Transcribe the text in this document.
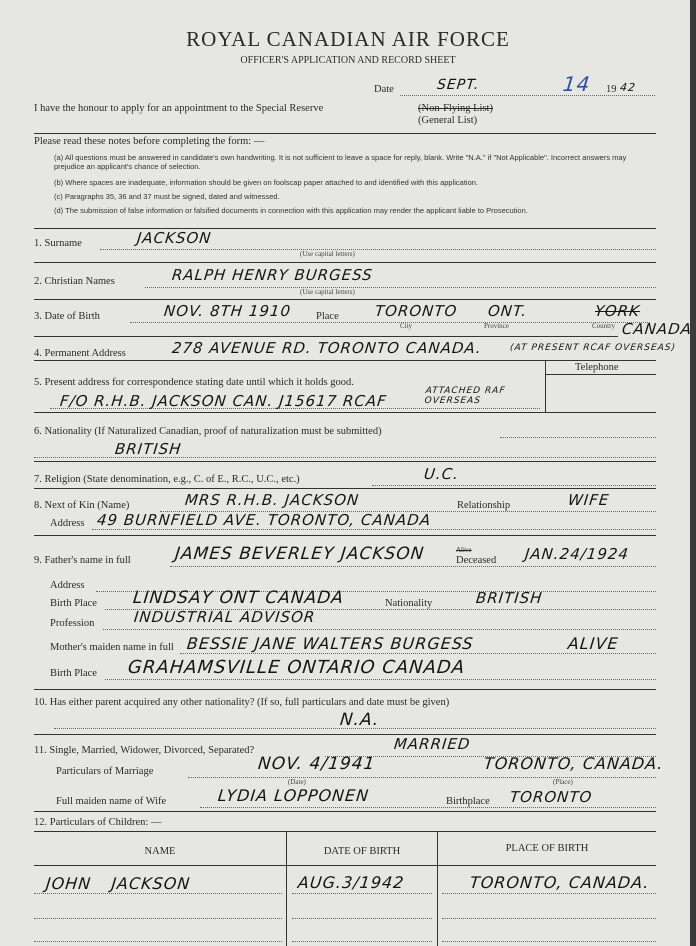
ROYAL CANADIAN AIR FORCE
OFFICER'S APPLICATION AND RECORD SHEET
Date	SEPT.	14 19 42
I have the honour to apply for an appointment to the Special Reserve	(Non-Flying List)
(General List)
Please read these notes before completing the form: —
(a) All questions must be answered in candidate's own handwriting. It is not sufficient to leave a space for reply, blank. Write "N.A." if "Not Applicable". Incorrect answers may prejudice an applicant's chance of selection.
(b) Where spaces are inadequate, information should be given on foolscap paper attached to and identified with this application.
(c) Paragraphs 35, 36 and 37 must be signed, dated and witnessed.
(d) The submission of false information or falsified documents in connection with this application may render the applicant liable to Prosecution.
1. Surname	JACKSON
(Use capital letters)
2. Christian Names	RALPH HENRY BURGESS
(Use capital letters)
3. Date of Birth	NOV. 8TH 1910 Place TORONTO ONT.	YORK
CANADA
City	Province	Country
4. Permanent Address	278 AVENUE RD. TORONTO CANADA.	(AT PRESENT RCAF OVERSEAS)
Telephone
5. Present address for correspondence stating date until which it holds good.
F/O R.H.B. JACKSON CAN. J15617 RCAF
ATTACHED RAF OVERSEAS
6. Nationality (If Naturalized Canadian, proof of naturalization must be submitted)
BRITISH
7. Religion (State denomination, e.g., C. of E., R.C., U.C., etc.)	U.C.
8. Next of Kin (Name)	MRS R.H.B. JACKSON	Relationship	WIFE
Address 49 BURNFIELD AVE. TORONTO, CANADA
9. Father's name in full	JAMES BEVERLEY JACKSON	Alive
Deceased JAN.24/1924
Address
Birth Place LINDSAY ONT CANADA	Nationality	BRITISH
Profession	INDUSTRIAL ADVISOR
Mother's maiden name in full BESSIE JANE WALTERS BURGESS	ALIVE
Birth Place GRAHAMSVILLE ONTARIO CANADA
10. Has either parent acquired any other nationality? (If so, full particulars and date must be given)
N.A.
11. Single, Married, Widower, Divorced, Separated?	MARRIED
Particulars of Marriage	NOV. 4/1941	TORONTO, CANADA.
(Date)	(Place)
Full maiden name of Wife	LYDIA LOPPONEN	Birthplace TORONTO
12. Particulars of Children: —
NAME	DATE OF BIRTH	PLACE OF BIRTH
JOHN JACKSON	AUG.3/1942	TORONTO, CANADA.
